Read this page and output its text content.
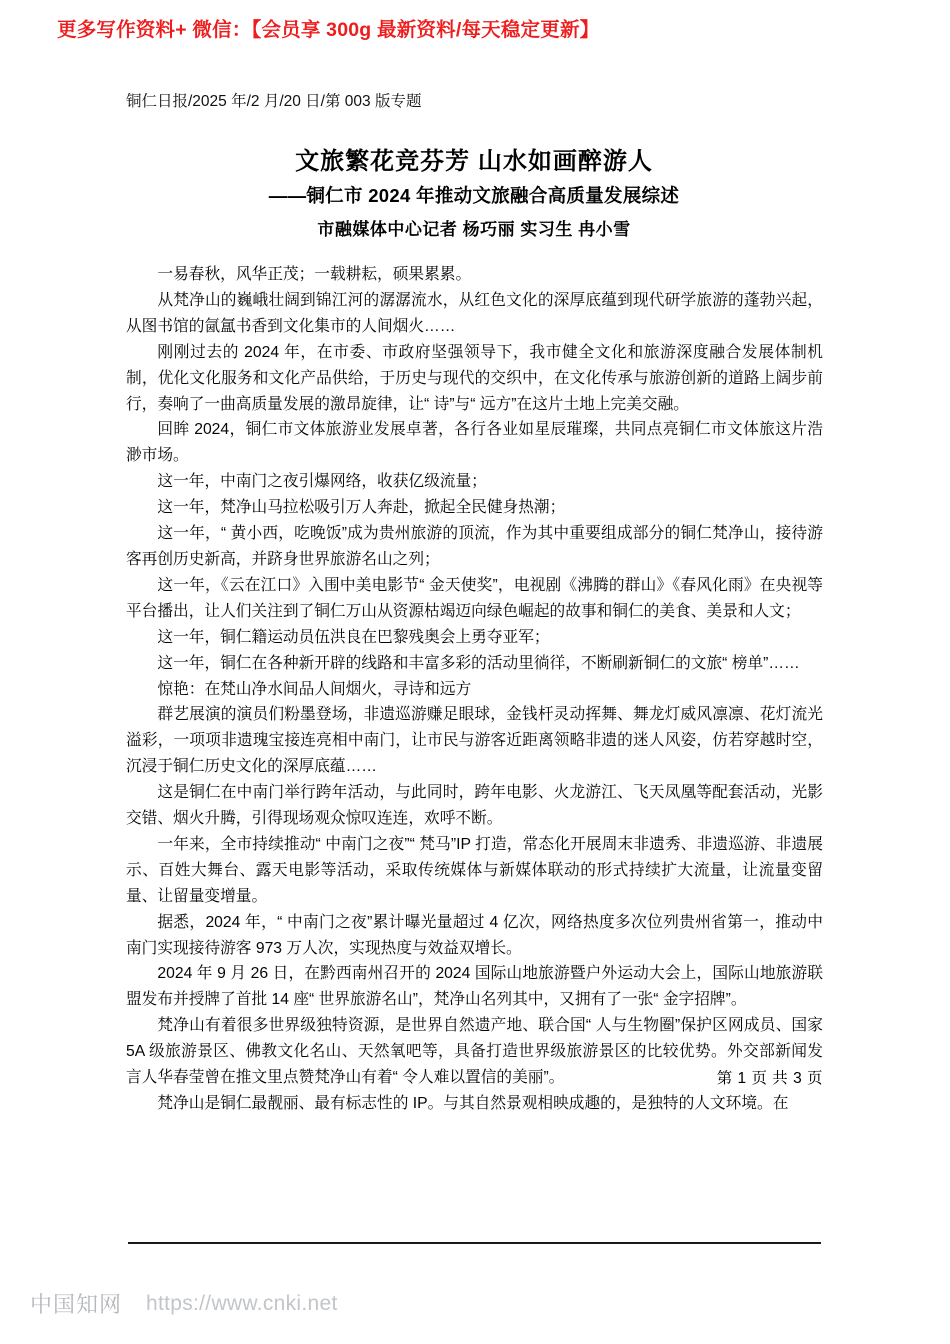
更多写作资料+ 微信：【会员享 300g 最新资料/每天稳定更新】
铜仁日报/2025 年/2 月/20 日/第 003 版专题
文旅繁花竞芬芳 山水如画醉游人
——铜仁市 2024 年推动文旅融合高质量发展综述
市融媒体中心记者 杨巧丽 实习生 冉小雪

一易春秋，风华正茂；一载耕耘，硕果累累。

从梵净山的巍峨壮阔到锦江河的潺潺流水，从红色文化的深厚底蕴到现代研学旅游的蓬勃兴起，从图书馆的氤氲书香到文化集市的人间烟火……

刚刚过去的 2024 年，在市委、市政府坚强领导下，我市健全文化和旅游深度融合发展体制机制，优化文化服务和文化产品供给，于历史与现代的交织中，在文化传承与旅游创新的道路上阔步前行，奏响了一曲高质量发展的激昂旋律，让“ 诗”与“ 远方”在这片土地上完美交融。

回眸 2024，铜仁市文体旅游业发展卓著，各行各业如星辰璀璨，共同点亮铜仁市文体旅这片浩渺市场。

这一年，中南门之夜引爆网络，收获亿级流量；

这一年，梵净山马拉松吸引万人奔赴，掀起全民健身热潮；

这一年，“ 黄小西，吃晚饭”成为贵州旅游的顶流，作为其中重要组成部分的铜仁梵净山，接待游客再创历史新高，并跻身世界旅游名山之列；

这一年，《云在江口》入围中美电影节“ 金天使奖”，电视剧《沸腾的群山》《春风化雨》在央视等平台播出，让人们关注到了铜仁万山从资源枯竭迈向绿色崛起的故事和铜仁的美食、美景和人文；

这一年，铜仁籍运动员伍洪良在巴黎残奥会上勇夺亚军；

这一年，铜仁在各种新开辟的线路和丰富多彩的活动里徜徉，不断刷新铜仁的文旅“ 榜单”……

惊艳：在梵山净水间品人间烟火，寻诗和远方

群艺展演的演员们粉墨登场，非遗巡游赚足眼球，金钱杆灵动挥舞、舞龙灯威风凛凛、花灯流光溢彩，一项项非遗瑰宝接连亮相中南门，让市民与游客近距离领略非遗的迷人风姿，仿若穿越时空，沉浸于铜仁历史文化的深厚底蕴……

这是铜仁在中南门举行跨年活动，与此同时，跨年电影、火龙游江、飞天凤凰等配套活动，光影交错、烟火升腾，引得现场观众惊叹连连，欢呼不断。

一年来，全市持续推动“ 中南门之夜”“ 梵马”IP 打造，常态化开展周末非遗秀、非遗巡游、非遗展示、百姓大舞台、露天电影等活动，采取传统媒体与新媒体联动的形式持续扩大流量，让流量变留量、让留量变增量。

据悉，2024 年，“ 中南门之夜”累计曝光量超过 4 亿次，网络热度多次位列贵州省第一，推动中南门实现接待游客 973 万人次，实现热度与效益双增长。

2024 年 9 月 26 日，在黔西南州召开的 2024 国际山地旅游暨户外运动大会上，国际山地旅游联盟发布并授牌了首批 14 座“ 世界旅游名山”，梵净山名列其中，又拥有了一张“ 金字招牌”。

梵净山有着很多世界级独特资源，是世界自然遗产地、联合国“ 人与生物圈”保护区网成员、国家 5A 级旅游景区、佛教文化名山、天然氧吧等，具备打造世界级旅游景区的比较优势。外交部新闻发言人华春莹曾在推文里点赞梵净山有着“ 令人难以置信的美丽”。

梵净山是铜仁最靓丽、最有标志性的 IP。与其自然景观相映成趣的，是独特的人文环境。在

第 1 页 共 3 页
中国知网 https://www.cnki.net
